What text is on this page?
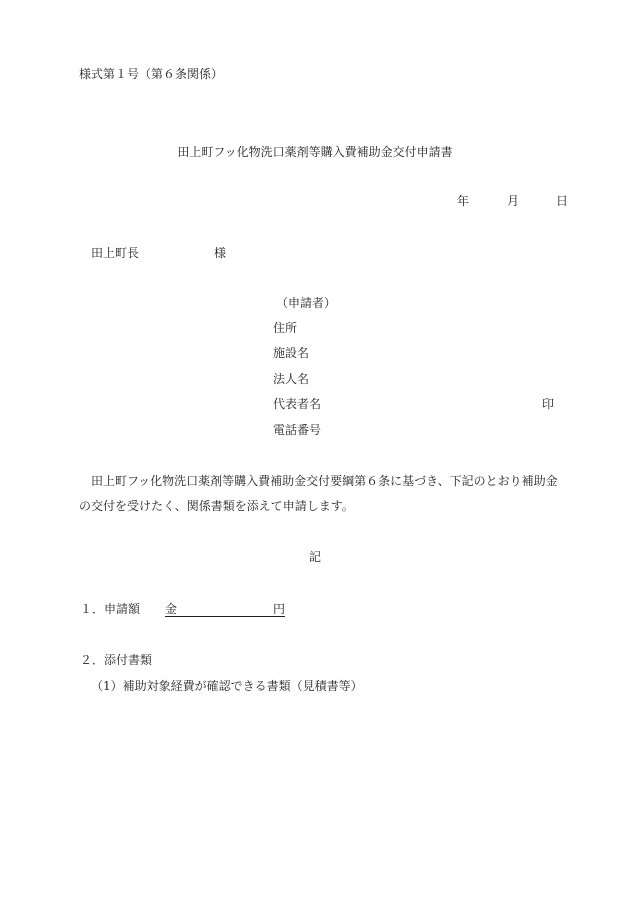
様式第１号（第６条関係）
田上町フッ化物洗口薬剤等購入費補助金交付申請書
年	月	日
田上町長	様
（申請者）
住所
施設名
法人名
代表者名	印
電話番号
田上町フッ化物洗口薬剤等購入費補助金交付要綱第６条に基づき、下記のとおり補助金
の交付を受けたく、関係書類を添えて申請します。
記
１．申請額 金	円

２．添付書類
（1）補助対象経費が確認できる書類（見積書等）
